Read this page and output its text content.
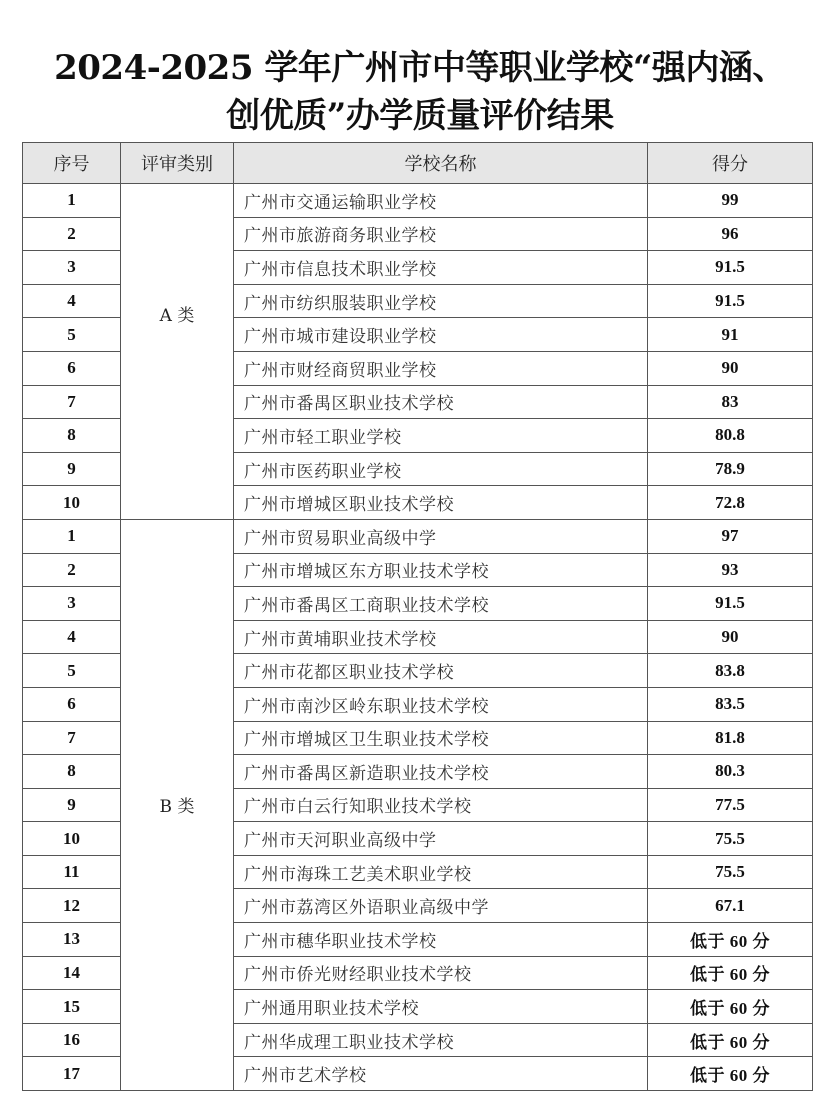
2024-2025 学年广州市中等职业学校“强内涵、
创优质”办学质量评价结果
序号	评审类别	学校名称	得分
1	A 类	广州市交通运输职业学校	99
2		广州市旅游商务职业学校	96
3		广州市信息技术职业学校	91.5
4		广州市纺织服装职业学校	91.5
5		广州市城市建设职业学校	91
6		广州市财经商贸职业学校	90
7		广州市番禺区职业技术学校	83
8		广州市轻工职业学校	80.8
9		广州市医药职业学校	78.9
10		广州市增城区职业技术学校	72.8
1	B 类	广州市贸易职业高级中学	97
2		广州市增城区东方职业技术学校	93
3		广州市番禺区工商职业技术学校	91.5
4		广州市黄埔职业技术学校	90
5		广州市花都区职业技术学校	83.8
6		广州市南沙区岭东职业技术学校	83.5
7		广州市增城区卫生职业技术学校	81.8
8		广州市番禺区新造职业技术学校	80.3
9		广州市白云行知职业技术学校	77.5
10		广州市天河职业高级中学	75.5
11		广州市海珠工艺美术职业学校	75.5
12		广州市荔湾区外语职业高级中学	67.1
13		广州市穗华职业技术学校	低于 60 分
14		广州市侨光财经职业技术学校	低于 60 分
15		广州通用职业技术学校	低于 60 分
16		广州华成理工职业技术学校	低于 60 分
17		广州市艺术学校	低于 60 分
